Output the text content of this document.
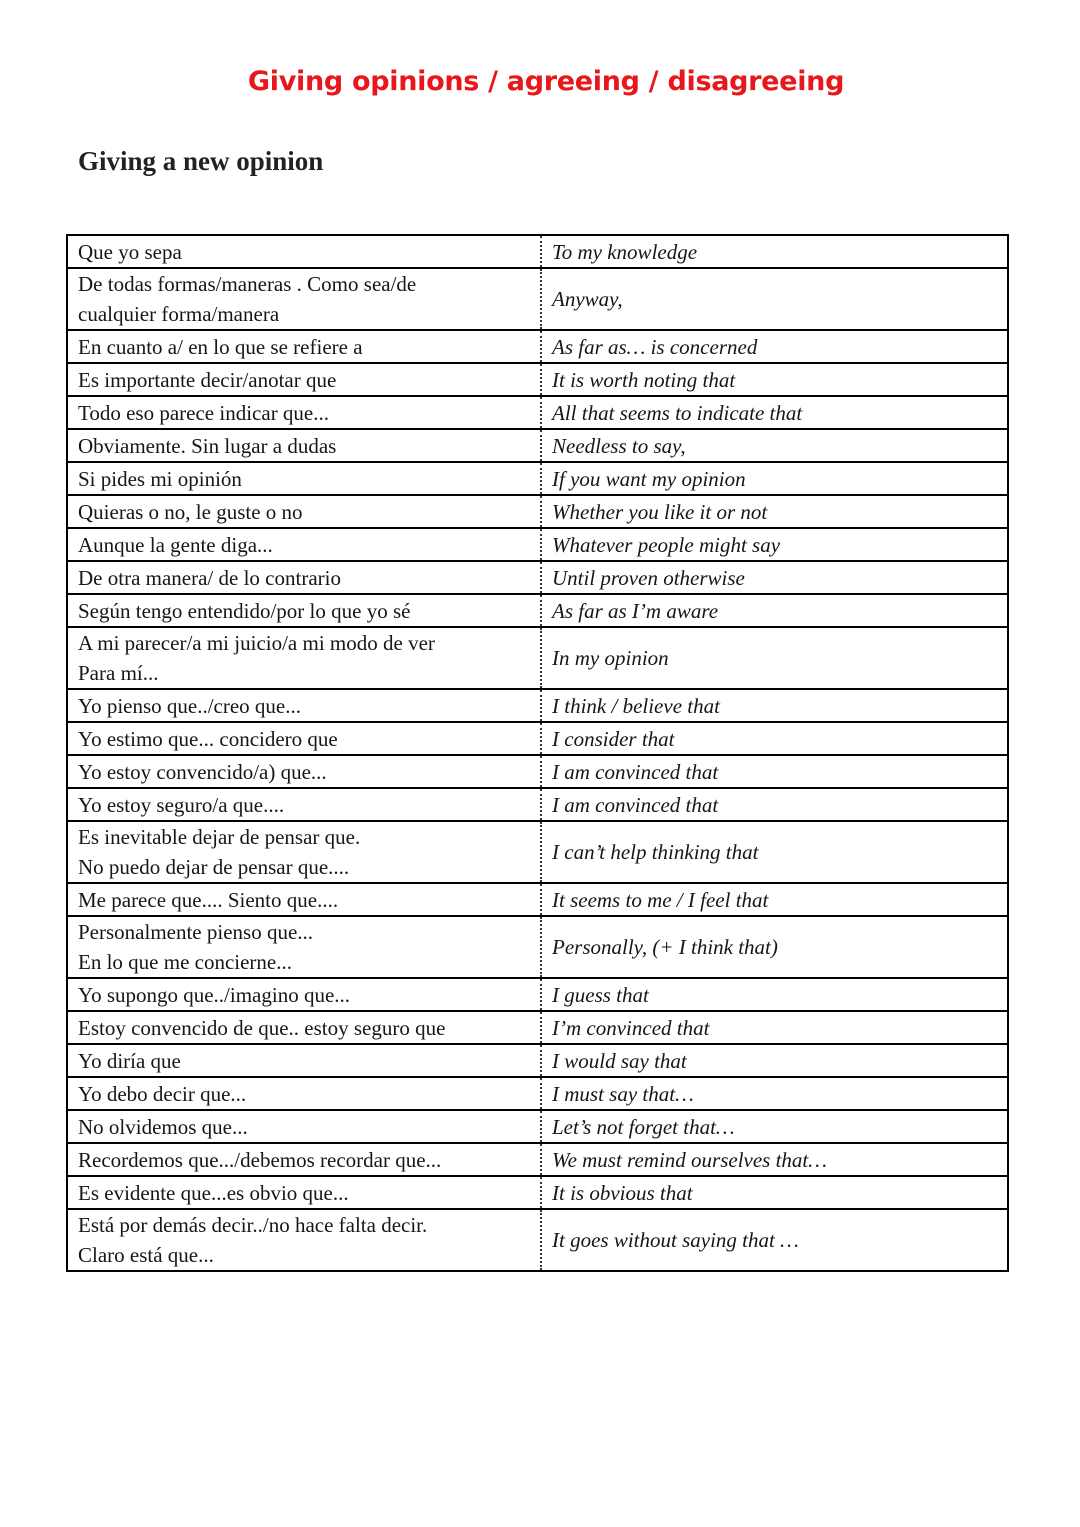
Giving opinions / agreeing / disagreeing
Giving a new opinion
Que yo sepa	To my knowledge

De todas formas/maneras . Como sea/de
cualquier forma/manera	Anyway,

En cuanto a/ en lo que se refiere a	As far as… is concerned

Es importante decir/anotar que	It is worth noting that

Todo eso parece indicar que...	All that seems to indicate that

Obviamente. Sin lugar a dudas	Needless to say,

Si pides mi opinión	If you want my opinion

Quieras o no, le guste o no	Whether you like it or not

Aunque la gente diga...	Whatever people might say

De otra manera/ de lo contrario	Until proven otherwise

Según tengo entendido/por lo que yo sé	As far as I’m aware

A mi parecer/a mi juicio/a mi modo de ver
Para mí...	In my opinion

Yo pienso que../creo que...	I think / believe that

Yo estimo que... concidero que	I consider that

Yo estoy convencido/a) que...	I am convinced that

Yo estoy seguro/a que....	I am convinced that

Es inevitable dejar de pensar que.
No puedo dejar de pensar que....	I can’t help thinking that

Me parece que.... Siento que....	It seems to me / I feel that

Personalmente pienso que...
En lo que me concierne...	Personally, (+ I think that)

Yo supongo que../imagino que...	I guess that

Estoy convencido de que.. estoy seguro que	I’m convinced that

Yo diría que	I would say that

Yo debo decir que...	I must say that…

No olvidemos que...	Let’s not forget that…

Recordemos que.../debemos recordar que...	We must remind ourselves that…

Es evidente que...es obvio que...	It is obvious that

Está por demás decir../no hace falta decir.
Claro está que...	It goes without saying that …
